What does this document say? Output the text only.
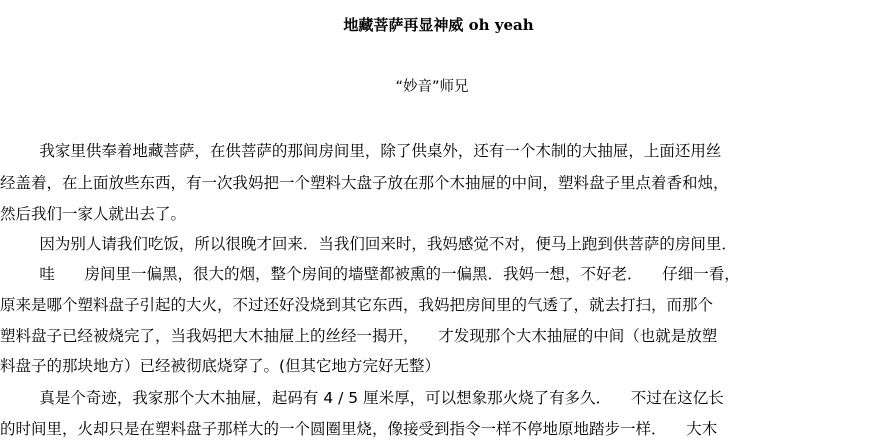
地藏菩萨再显神威 oh yeah
“妙音”师兄
我家里供奉着地藏菩萨，在供菩萨的那间房间里，除了供桌外，还有一个木制的大抽屉，上面还用丝
经盖着，在上面放些东西，有一次我妈把一个塑料大盘子放在那个木抽屉的中间，塑料盘子里点着香和烛，
然后我们一家人就出去了。
因为别人请我们吃饭，所以很晚才回来．当我们回来时，我妈感觉不对，便马上跑到供菩萨的房间里．
哇      房间里一偏黑，很大的烟，整个房间的墙壁都被熏的一偏黑．我妈一想，不好老．    仔细一看，
原来是哪个塑料盘子引起的大火，不过还好没烧到其它东西，我妈把房间里的气透了，就去打扫，而那个
塑料盘子已经被烧完了，当我妈把大木抽屉上的丝经一揭开，    才发现那个大木抽屉的中间（也就是放塑
料盘子的那块地方）已经被彻底烧穿了。(但其它地方完好无整）
真是个奇迹，我家那个大木抽屉，起码有 4 / 5 厘米厚，可以想象那火烧了有多久．    不过在这亿长
的时间里，火却只是在塑料盘子那样大的一个圆圈里烧，像接受到指令一样不停地原地踏步一样．    大木
